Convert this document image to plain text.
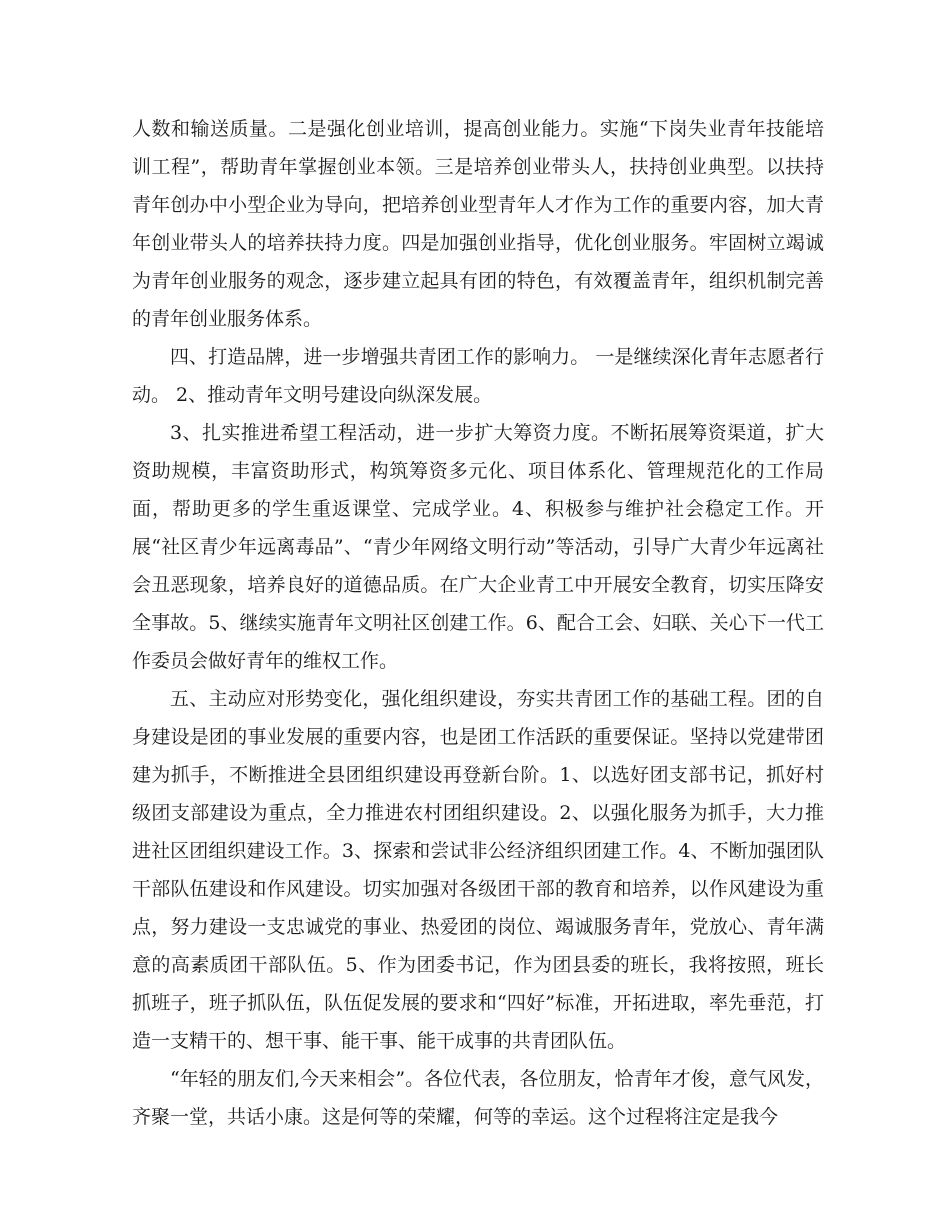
人数和输送质量。二是强化创业培训，提高创业能力。实施“下岗失业青年技能培训工程”，帮助青年掌握创业本领。三是培养创业带头人，扶持创业典型。以扶持青年创办中小型企业为导向，把培养创业型青年人才作为工作的重要内容，加大青年创业带头人的培养扶持力度。四是加强创业指导，优化创业服务。牢固树立竭诚为青年创业服务的观念，逐步建立起具有团的特色，有效覆盖青年，组织机制完善的青年创业服务体系。

四、打造品牌，进一步增强共青团工作的影响力。 一是继续深化青年志愿者行动。 2、推动青年文明号建设向纵深发展。

3、扎实推进希望工程活动，进一步扩大筹资力度。不断拓展筹资渠道，扩大资助规模，丰富资助形式，构筑筹资多元化、项目体系化、管理规范化的工作局面，帮助更多的学生重返课堂、完成学业。4、积极参与维护社会稳定工作。开展“社区青少年远离毒品”、“青少年网络文明行动”等活动，引导广大青少年远离社会丑恶现象，培养良好的道德品质。在广大企业青工中开展安全教育，切实压降安全事故。5、继续实施青年文明社区创建工作。6、配合工会、妇联、关心下一代工作委员会做好青年的维权工作。

五、主动应对形势变化，强化组织建设，夯实共青团工作的基础工程。团的自身建设是团的事业发展的重要内容，也是团工作活跃的重要保证。坚持以党建带团建为抓手，不断推进全县团组织建设再登新台阶。1、以选好团支部书记，抓好村级团支部建设为重点，全力推进农村团组织建设。2、以强化服务为抓手，大力推进社区团组织建设工作。3、探索和尝试非公经济组织团建工作。4、不断加强团队干部队伍建设和作风建设。切实加强对各级团干部的教育和培养，以作风建设为重点，努力建设一支忠诚党的事业、热爱团的岗位、竭诚服务青年，党放心、青年满意的高素质团干部队伍。5、作为团委书记，作为团县委的班长，我将按照，班长抓班子，班子抓队伍，队伍促发展的要求和“四好”标准，开拓进取，率先垂范，打造一支精干的、想干事、能干事、能干成事的共青团队伍。

“年轻的朋友们,今天来相会”。各位代表，各位朋友，恰青年才俊，意气风发，齐聚一堂，共话小康。这是何等的荣耀，何等的幸运。这个过程将注定是我今
